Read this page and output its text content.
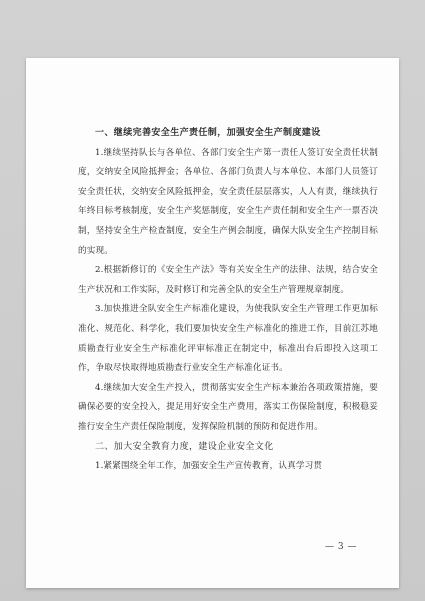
一、继续完善安全生产责任制，加强安全生产制度建设

1.继续坚持队长与各单位、各部门安全生产第一责任人签订安全责任状制度，交纳安全风险抵押金；各单位、各部门负责人与本单位、本部门人员签订安全责任状，交纳安全风险抵押金，安全责任层层落实，人人有责，继续执行年终目标考核制度，安全生产奖惩制度，安全生产责任制和安全生产一票否决制，坚持安全生产检查制度，安全生产例会制度，确保大队安全生产控制目标的实现。

2.根据新修订的《安全生产法》等有关安全生产的法律、法规，结合安全生产状况和工作实际，及时修订和完善全队的安全生产管理规章制度。

3.加快推进全队安全生产标准化建设，为使我队安全生产管理工作更加标准化、规范化、科学化，我们要加快安全生产标准化的推进工作，目前江苏地质勘查行业安全生产标准化评审标准正在制定中，标准出台后即投入这项工作，争取尽快取得地质勘查行业安全生产标准化证书。

4.继续加大安全生产投入，贯彻落实安全生产标本兼治各项政策措施，要确保必要的安全投入，提足用好安全生产费用，落实工伤保险制度，积极稳妥推行安全生产责任保险制度，发挥保险机制的预防和促进作用。

二、加大安全教育力度，建设企业安全文化

1.紧紧围绕全年工作，加强安全生产宣传教育，认真学习贯

— 3 —
